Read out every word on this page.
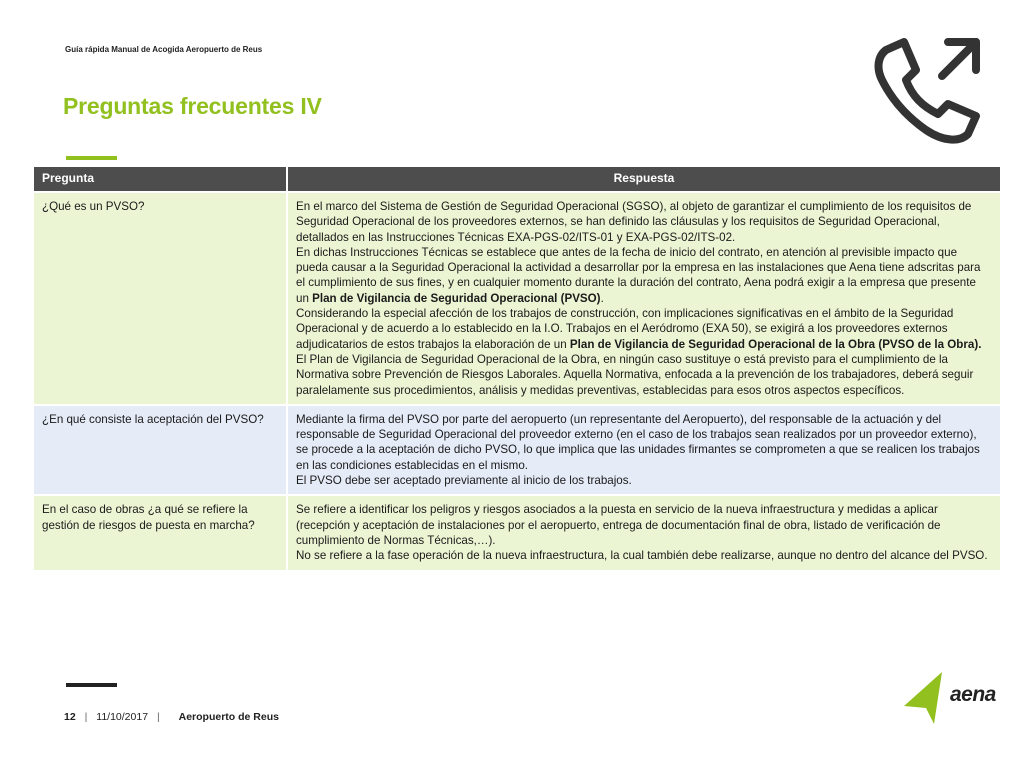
Guía rápida Manual de Acogida Aeropuerto de Reus
Preguntas frecuentes IV
Pregunta	Respuesta
¿Qué es un PVSO?	En el marco del Sistema de Gestión de Seguridad Operacional (SGSO), al objeto de garantizar el cumplimiento de los requisitos de Seguridad Operacional de los proveedores externos, se han definido las cláusulas y los requisitos de Seguridad Operacional, detallados en las Instrucciones Técnicas EXA-PGS-02/ITS-01 y EXA-PGS-02/ITS-02.

En dichas Instrucciones Técnicas se establece que antes de la fecha de inicio del contrato, en atención al previsible impacto que pueda causar a la Seguridad Operacional la actividad a desarrollar por la empresa en las instalaciones que Aena tiene adscritas para el cumplimiento de sus fines, y en cualquier momento durante la duración del contrato, Aena podrá exigir a la empresa que presente un Plan de Vigilancia de Seguridad Operacional (PVSO).

Considerando la especial afección de los trabajos de construcción, con implicaciones significativas en el ámbito de la Seguridad Operacional y de acuerdo a lo establecido en la I.O. Trabajos en el Aeródromo (EXA 50), se exigirá a los proveedores externos adjudicatarios de estos trabajos la elaboración de un Plan de Vigilancia de Seguridad Operacional de la Obra (PVSO de la Obra).

El Plan de Vigilancia de Seguridad Operacional de la Obra, en ningún caso sustituye o está previsto para el cumplimiento de la Normativa sobre Prevención de Riesgos Laborales. Aquella Normativa, enfocada a la prevención de los trabajadores, deberá seguir paralelamente sus procedimientos, análisis y medidas preventivas, establecidas para esos otros aspectos específicos.

¿En qué consiste la aceptación del PVSO?	Mediante la firma del PVSO por parte del aeropuerto (un representante del Aeropuerto), del responsable de la actuación y del responsable de Seguridad Operacional del proveedor externo (en el caso de los trabajos sean realizados por un proveedor externo), se procede a la aceptación de dicho PVSO, lo que implica que las unidades firmantes se comprometen a que se realicen los trabajos en las condiciones establecidas en el mismo.

El PVSO debe ser aceptado previamente al inicio de los trabajos.

En el caso de obras ¿a qué se refiere la gestión de riesgos de puesta en marcha?	Se refiere a identificar los peligros y riesgos asociados a la puesta en servicio de la nueva infraestructura y medidas a aplicar (recepción y aceptación de instalaciones por el aeropuerto, entrega de documentación final de obra, listado de verificación de cumplimiento de Normas Técnicas,…).

No se refiere a la fase operación de la nueva infraestructura, la cual también debe realizarse, aunque no dentro del alcance del PVSO.

12 | 11/10/2017 | Aeropuerto de Reus
aena
